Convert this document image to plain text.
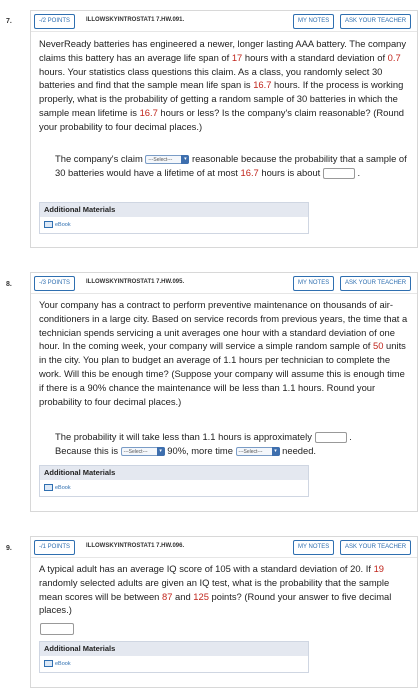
7.	-/2 POINTS	ILLOWSKYINTROSTAT1 7.HW.091.	MY NOTES	ASK YOUR TEACHER
NeverReady batteries has engineered a newer, longer lasting AAA battery. The company claims this battery has an average life span of 17 hours with a standard deviation of 0.7 hours. Your statistics class questions this claim. As a class, you randomly select 30 batteries and find that the sample mean life span is 16.7 hours. If the process is working properly, what is the probability of getting a random sample of 30 batteries in which the sample mean lifetime is 16.7 hours or less? Is the company's claim reasonable? (Round your probability to four decimal places.)
The company's claim ---Select---	▾ reasonable because the probability that a sample of 30 batteries would have a lifetime of at most 16.7 hours is about	.
Additional Materials
eBook
8.	-/3 POINTS	ILLOWSKYINTROSTAT1 7.HW.095.	MY NOTES	ASK YOUR TEACHER
Your company has a contract to perform preventive maintenance on thousands of air-conditioners in a large city. Based on service records from previous years, the time that a technician spends servicing a unit averages one hour with a standard deviation of one hour. In the coming week, your company will service a simple random sample of 50 units in the city. You plan to budget an average of 1.1 hours per technician to complete the work. Will this be enough time? (Suppose your company will assume this is enough time if there is a 90% chance the maintenance will be less than 1.1 hours. Round your probability to four decimal places.)
The probability it will take less than 1.1 hours is approximately	.
Because this is ---Select---	▾ 90%, more time ---Select---	▾ needed.
Additional Materials
eBook
9.	-/1 POINTS	ILLOWSKYINTROSTAT1 7.HW.096.	MY NOTES	ASK YOUR TEACHER
A typical adult has an average IQ score of 105 with a standard deviation of 20. If 19 randomly selected adults are given an IQ test, what is the probability that the sample mean scores will be between 87 and 125 points? (Round your answer to five decimal places.)
Additional Materials
eBook
